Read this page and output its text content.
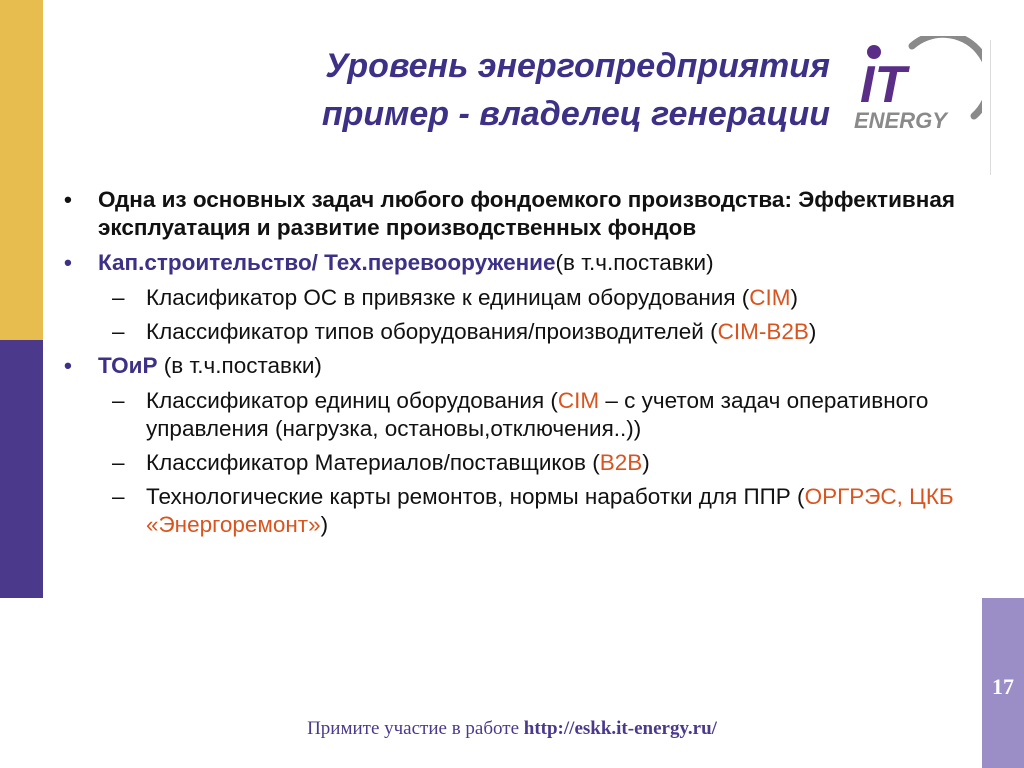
Уровень энергопредприятия
пример - владелец генерации IT
ENERGY
• Одна из основных задач любого фондоемкого производства: Эффективная эксплуатация и развитие производственных фондов
• Кап.строительство/ Тех.перевооружение(в т.ч.поставки)
– Класификатор ОС в привязке к единицам оборудования (CIM)
– Классификатор типов оборудования/производителей (CIM-B2B)
• ТОиР (в т.ч.поставки)
– Классификатор единиц оборудования (CIM – с учетом задач оперативного управления (нагрузка, остановы,отключения..))
– Классификатор Материалов/поставщиков (B2B)
– Технологические карты ремонтов, нормы наработки для ППР (ОРГРЭС, ЦКБ «Энергоремонт»)
Примите участие в работе http://eskk.it-energy.ru/
17
